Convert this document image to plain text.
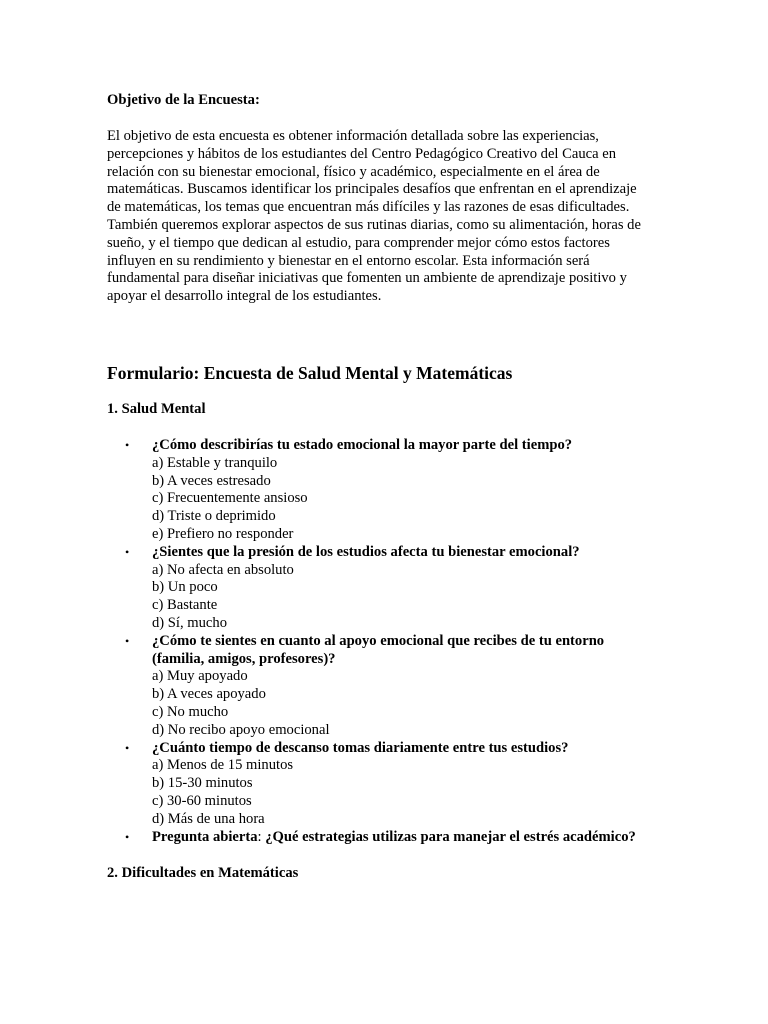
Objetivo de la Encuesta:

El objetivo de esta encuesta es obtener información detallada sobre las experiencias,
percepciones y hábitos de los estudiantes del Centro Pedagógico Creativo del Cauca en
relación con su bienestar emocional, físico y académico, especialmente en el área de
matemáticas. Buscamos identificar los principales desafíos que enfrentan en el aprendizaje
de matemáticas, los temas que encuentran más difíciles y las razones de esas dificultades.
También queremos explorar aspectos de sus rutinas diarias, como su alimentación, horas de
sueño, y el tiempo que dedican al estudio, para comprender mejor cómo estos factores
influyen en su rendimiento y bienestar en el entorno escolar. Esta información será
fundamental para diseñar iniciativas que fomenten un ambiente de aprendizaje positivo y
apoyar el desarrollo integral de los estudiantes.

Formulario: Encuesta de Salud Mental y Matemáticas

1. Salud Mental

• ¿Cómo describirías tu estado emocional la mayor parte del tiempo?
a) Estable y tranquilo
b) A veces estresado
c) Frecuentemente ansioso
d) Triste o deprimido
e) Prefiero no responder
• ¿Sientes que la presión de los estudios afecta tu bienestar emocional?
a) No afecta en absoluto
b) Un poco
c) Bastante
d) Sí, mucho
• ¿Cómo te sientes en cuanto al apoyo emocional que recibes de tu entorno
(familia, amigos, profesores)?
a) Muy apoyado
b) A veces apoyado
c) No mucho
d) No recibo apoyo emocional
• ¿Cuánto tiempo de descanso tomas diariamente entre tus estudios?
a) Menos de 15 minutos
b) 15-30 minutos
c) 30-60 minutos
d) Más de una hora
• Pregunta abierta: ¿Qué estrategias utilizas para manejar el estrés académico?

2. Dificultades en Matemáticas
